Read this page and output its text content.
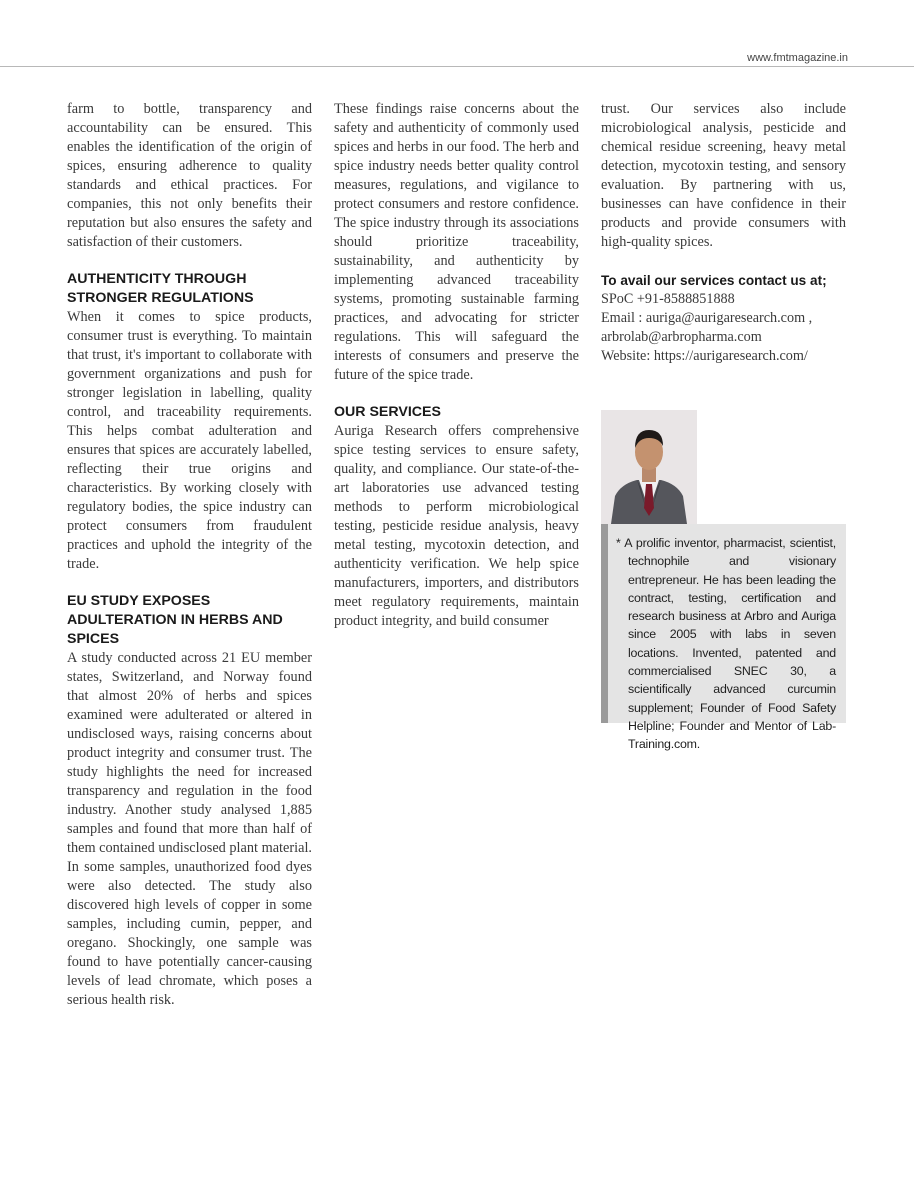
www.fmtmagazine.in

farm to bottle, transparency and accountability can be ensured. This enables the identification of the origin of spices, ensuring adherence to quality standards and ethical practices. For companies, this not only benefits their reputation but also ensures the safety and satisfaction of their customers.

AUTHENTICITY THROUGH STRONGER REGULATIONS

When it comes to spice products, consumer trust is everything. To maintain that trust, it's important to collaborate with government organizations and push for stronger legislation in labelling, quality control, and traceability requirements. This helps combat adulteration and ensures that spices are accurately labelled, reflecting their true origins and characteristics. By working closely with regulatory bodies, the spice industry can protect consumers from fraudulent practices and uphold the integrity of the trade.

EU STUDY EXPOSES ADULTERATION IN HERBS AND SPICES

A study conducted across 21 EU member states, Switzerland, and Norway found that almost 20% of herbs and spices examined were adulterated or altered in undisclosed ways, raising concerns about product integrity and consumer trust. The study highlights the need for increased transparency and regulation in the food industry. Another study analysed 1,885 samples and found that more than half of them contained undisclosed plant material. In some samples, unauthorized food dyes were also detected. The study also discovered high levels of copper in some samples, including cumin, pepper, and oregano. Shockingly, one sample was found to have potentially cancer-causing levels of lead chromate, which poses a serious health risk.

These findings raise concerns about the safety and authenticity of commonly used spices and herbs in our food. The herb and spice industry needs better quality control measures, regulations, and vigilance to protect consumers and restore confidence. The spice industry through its associations should prioritize traceability, sustainability, and authenticity by implementing advanced traceability systems, promoting sustainable farming practices, and advocating for stricter regulations. This will safeguard the interests of consumers and preserve the future of the spice trade.

OUR SERVICES

Auriga Research offers comprehensive spice testing services to ensure safety, quality, and compliance. Our state-of-the-art laboratories use advanced testing methods to perform microbiological testing, pesticide residue analysis, heavy metal testing, mycotoxin detection, and authenticity verification. We help spice manufacturers, importers, and distributors meet regulatory requirements, maintain product integrity, and build consumer

trust. Our services also include microbiological analysis, pesticide and chemical residue screening, heavy metal detection, mycotoxin testing, and sensory evaluation. By partnering with us, businesses can have confidence in their products and provide consumers with high-quality spices.

To avail our services contact us at;
SPoC +91-8588851888
Email : auriga@aurigaresearch.com ,
arbrolab@arbropharma.com
Website: https://aurigaresearch.com/
* A prolific inventor, pharmacist, scientist, technophile and visionary entrepreneur. He has been leading the contract, testing, certification and research business at Arbro and Auriga since 2005 with labs in seven locations. Invented, patented and commercialised SNEC 30, a scientifically advanced curcumin supplement; Founder of Food Safety Helpline; Founder and Mentor of Lab-Training.com.
